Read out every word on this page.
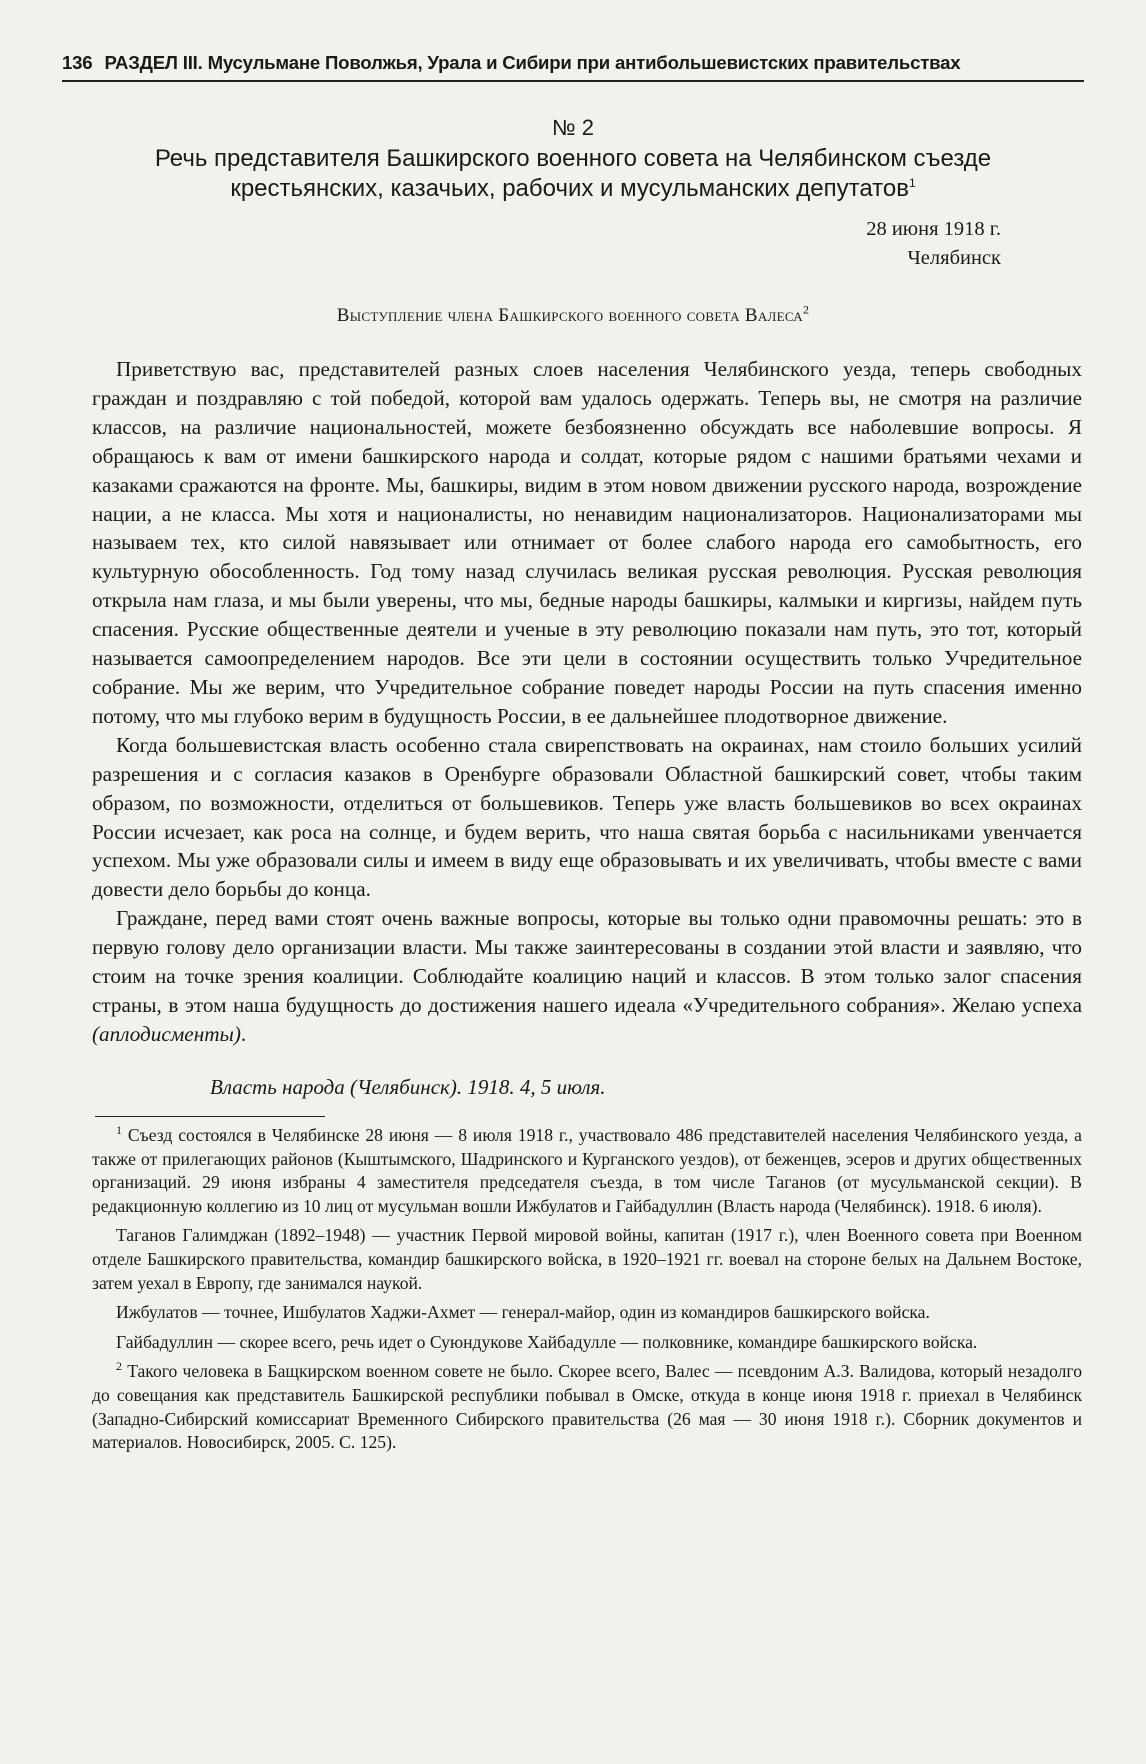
136 РАЗДЕЛ III. Мусульмане Поволжья, Урала и Сибири при антибольшевистских правительствах
№ 2
Речь представителя Башкирского военного совета на Челябинском съезде крестьянских, казачьих, рабочих и мусульманских депутатов$^1$
28 июня 1918 г.
Челябинск
Выступление члена Башкирского военного совета Валеса$^2$

Приветствую вас, представителей разных слоев населения Челябинского уезда, теперь свободных граждан и поздравляю с той победой, которой вам удалось одержать. Теперь вы, не смотря на различие классов, на различие национальностей, можете безбоязненно обсуждать все наболевшие вопросы. Я обращаюсь к вам от имени башкирского народа и солдат, которые рядом с нашими братьями чехами и казаками сражаются на фронте. Мы, башкиры, видим в этом новом движении русского народа, возрождение нации, а не класса. Мы хотя и националисты, но ненавидим национализаторов. Национализаторами мы называем тех, кто силой навязывает или отнимает от более слабого народа его самобытность, его культурную обособленность. Год тому назад случилась великая русская революция. Русская революция открыла нам глаза, и мы были уверены, что мы, бедные народы башкиры, калмыки и киргизы, найдем путь спасения. Русские общественные деятели и ученые в эту революцию показали нам путь, это тот, который называется самоопределением народов. Все эти цели в состоянии осуществить только Учредительное собрание. Мы же верим, что Учредительное собрание поведет народы России на путь спасения именно потому, что мы глубоко верим в будущность России, в ее дальнейшее плодотворное движение.

Когда большевистская власть особенно стала свирепствовать на окраинах, нам стоило больших усилий разрешения и с согласия казаков в Оренбурге образовали Областной башкирский совет, чтобы таким образом, по возможности, отделиться от большевиков. Теперь уже власть большевиков во всех окраинах России исчезает, как роса на солнце, и будем верить, что наша святая борьба с насильниками увенчается успехом. Мы уже образовали силы и имеем в виду еще образовывать и их увеличивать, чтобы вместе с вами довести дело борьбы до конца.

Граждане, перед вами стоят очень важные вопросы, которые вы только одни правомочны решать: это в первую голову дело организации власти. Мы также заинтересованы в создании этой власти и заявляю, что стоим на точке зрения коалиции. Соблюдайте коалицию наций и классов. В этом только залог спасения страны, в этом наша будущность до достижения нашего идеала «Учредительного собрания». Желаю успеха (аплодисменты).

Власть народа (Челябинск). 1918. 4, 5 июля.

$^1$ Съезд состоялся в Челябинске 28 июня — 8 июля 1918 г., участвовало 486 представителей населения Челябинского уезда, а также от прилегающих районов (Кыштымского, Шадринского и Курганского уездов), от беженцев, эсеров и других общественных организаций. 29 июня избраны 4 заместителя председателя съезда, в том числе Таганов (от мусульманской секции). В редакционную коллегию из 10 лиц от мусульман вошли Ижбулатов и Гайбадуллин (Власть народа (Челябинск). 1918. 6 июля).

Таганов Галимджан (1892–1948) — участник Первой мировой войны, капитан (1917 г.), член Военного совета при Военном отделе Башкирского правительства, командир башкирского войска, в 1920–1921 гг. воевал на стороне белых на Дальнем Востоке, затем уехал в Европу, где занимался наукой.

Ижбулатов — точнее, Ишбулатов Хаджи-Ахмет — генерал-майор, один из командиров башкирского войска.

Гайбадуллин — скорее всего, речь идет о Суюндукове Хайбадулле — полковнике, командире башкирского войска.

$^2$ Такого человека в Бащкирском военном совете не было. Скорее всего, Валес — псевдоним А.З. Валидова, который незадолго до совещания как представитель Башкирской республики побывал в Омске, откуда в конце июня 1918 г. приехал в Челябинск (Западно-Сибирский комиссариат Временного Сибирского правительства (26 мая — 30 июня 1918 г.). Сборник документов и материалов. Новосибирск, 2005. С. 125).
